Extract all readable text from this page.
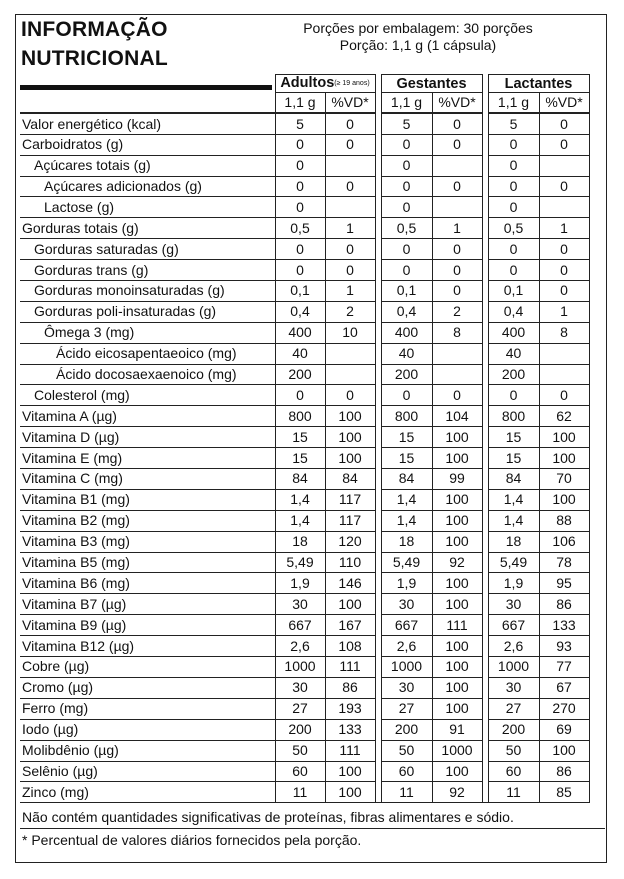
INFORMAÇÃO
NUTRICIONAL
Porções por embalagem: 30 porções
Porção: 1,1 g (1 cápsula)
	Adultos(≥ 19 anos)			Gestantes			Lactantes	
	1,1 g	%VD*		1,1 g	%VD*		1,1 g	%VD*
Valor energético (kcal)	5	0		5	0		5	0
Carboidratos (g)	0	0		0	0		0	0
Açúcares totais (g)	0			0			0	
Açúcares adicionados (g)	0	0		0	0		0	0
Lactose (g)	0			0			0	
Gorduras totais (g)	0,5	1		0,5	1		0,5	1
Gorduras saturadas (g)	0	0		0	0		0	0
Gorduras trans (g)	0	0		0	0		0	0
Gorduras monoinsaturadas (g)	0,1	1		0,1	0		0,1	0
Gorduras poli-insaturadas (g)	0,4	2		0,4	2		0,4	1
Ômega 3 (mg)	400	10		400	8		400	8
Ácido eicosapentaeoico (mg)	40			40			40	
Ácido docosaexaenoico (mg)	200			200			200	
Colesterol (mg)	0	0		0	0		0	0
Vitamina A (µg)	800	100		800	104		800	62
Vitamina D (µg)	15	100		15	100		15	100
Vitamina E (mg)	15	100		15	100		15	100
Vitamina C (mg)	84	84		84	99		84	70
Vitamina B1 (mg)	1,4	117		1,4	100		1,4	100
Vitamina B2 (mg)	1,4	117		1,4	100		1,4	88
Vitamina B3 (mg)	18	120		18	100		18	106
Vitamina B5 (mg)	5,49	110		5,49	92		5,49	78
Vitamina B6 (mg)	1,9	146		1,9	100		1,9	95
Vitamina B7 (µg)	30	100		30	100		30	86
Vitamina B9 (µg)	667	167		667	111		667	133
Vitamina B12 (µg)	2,6	108		2,6	100		2,6	93
Cobre (µg)	1000	111		1000	100		1000	77
Cromo (µg)	30	86		30	100		30	67
Ferro (mg)	27	193		27	100		27	270
Iodo (µg)	200	133		200	91		200	69
Molibdênio (µg)	50	111		50	1000		50	100
Selênio (µg)	60	100		60	100		60	86
Zinco (mg)	11	100		11	92		11	85
Não contém quantidades significativas de proteínas, fibras alimentares e sódio.
* Percentual de valores diários fornecidos pela porção.
